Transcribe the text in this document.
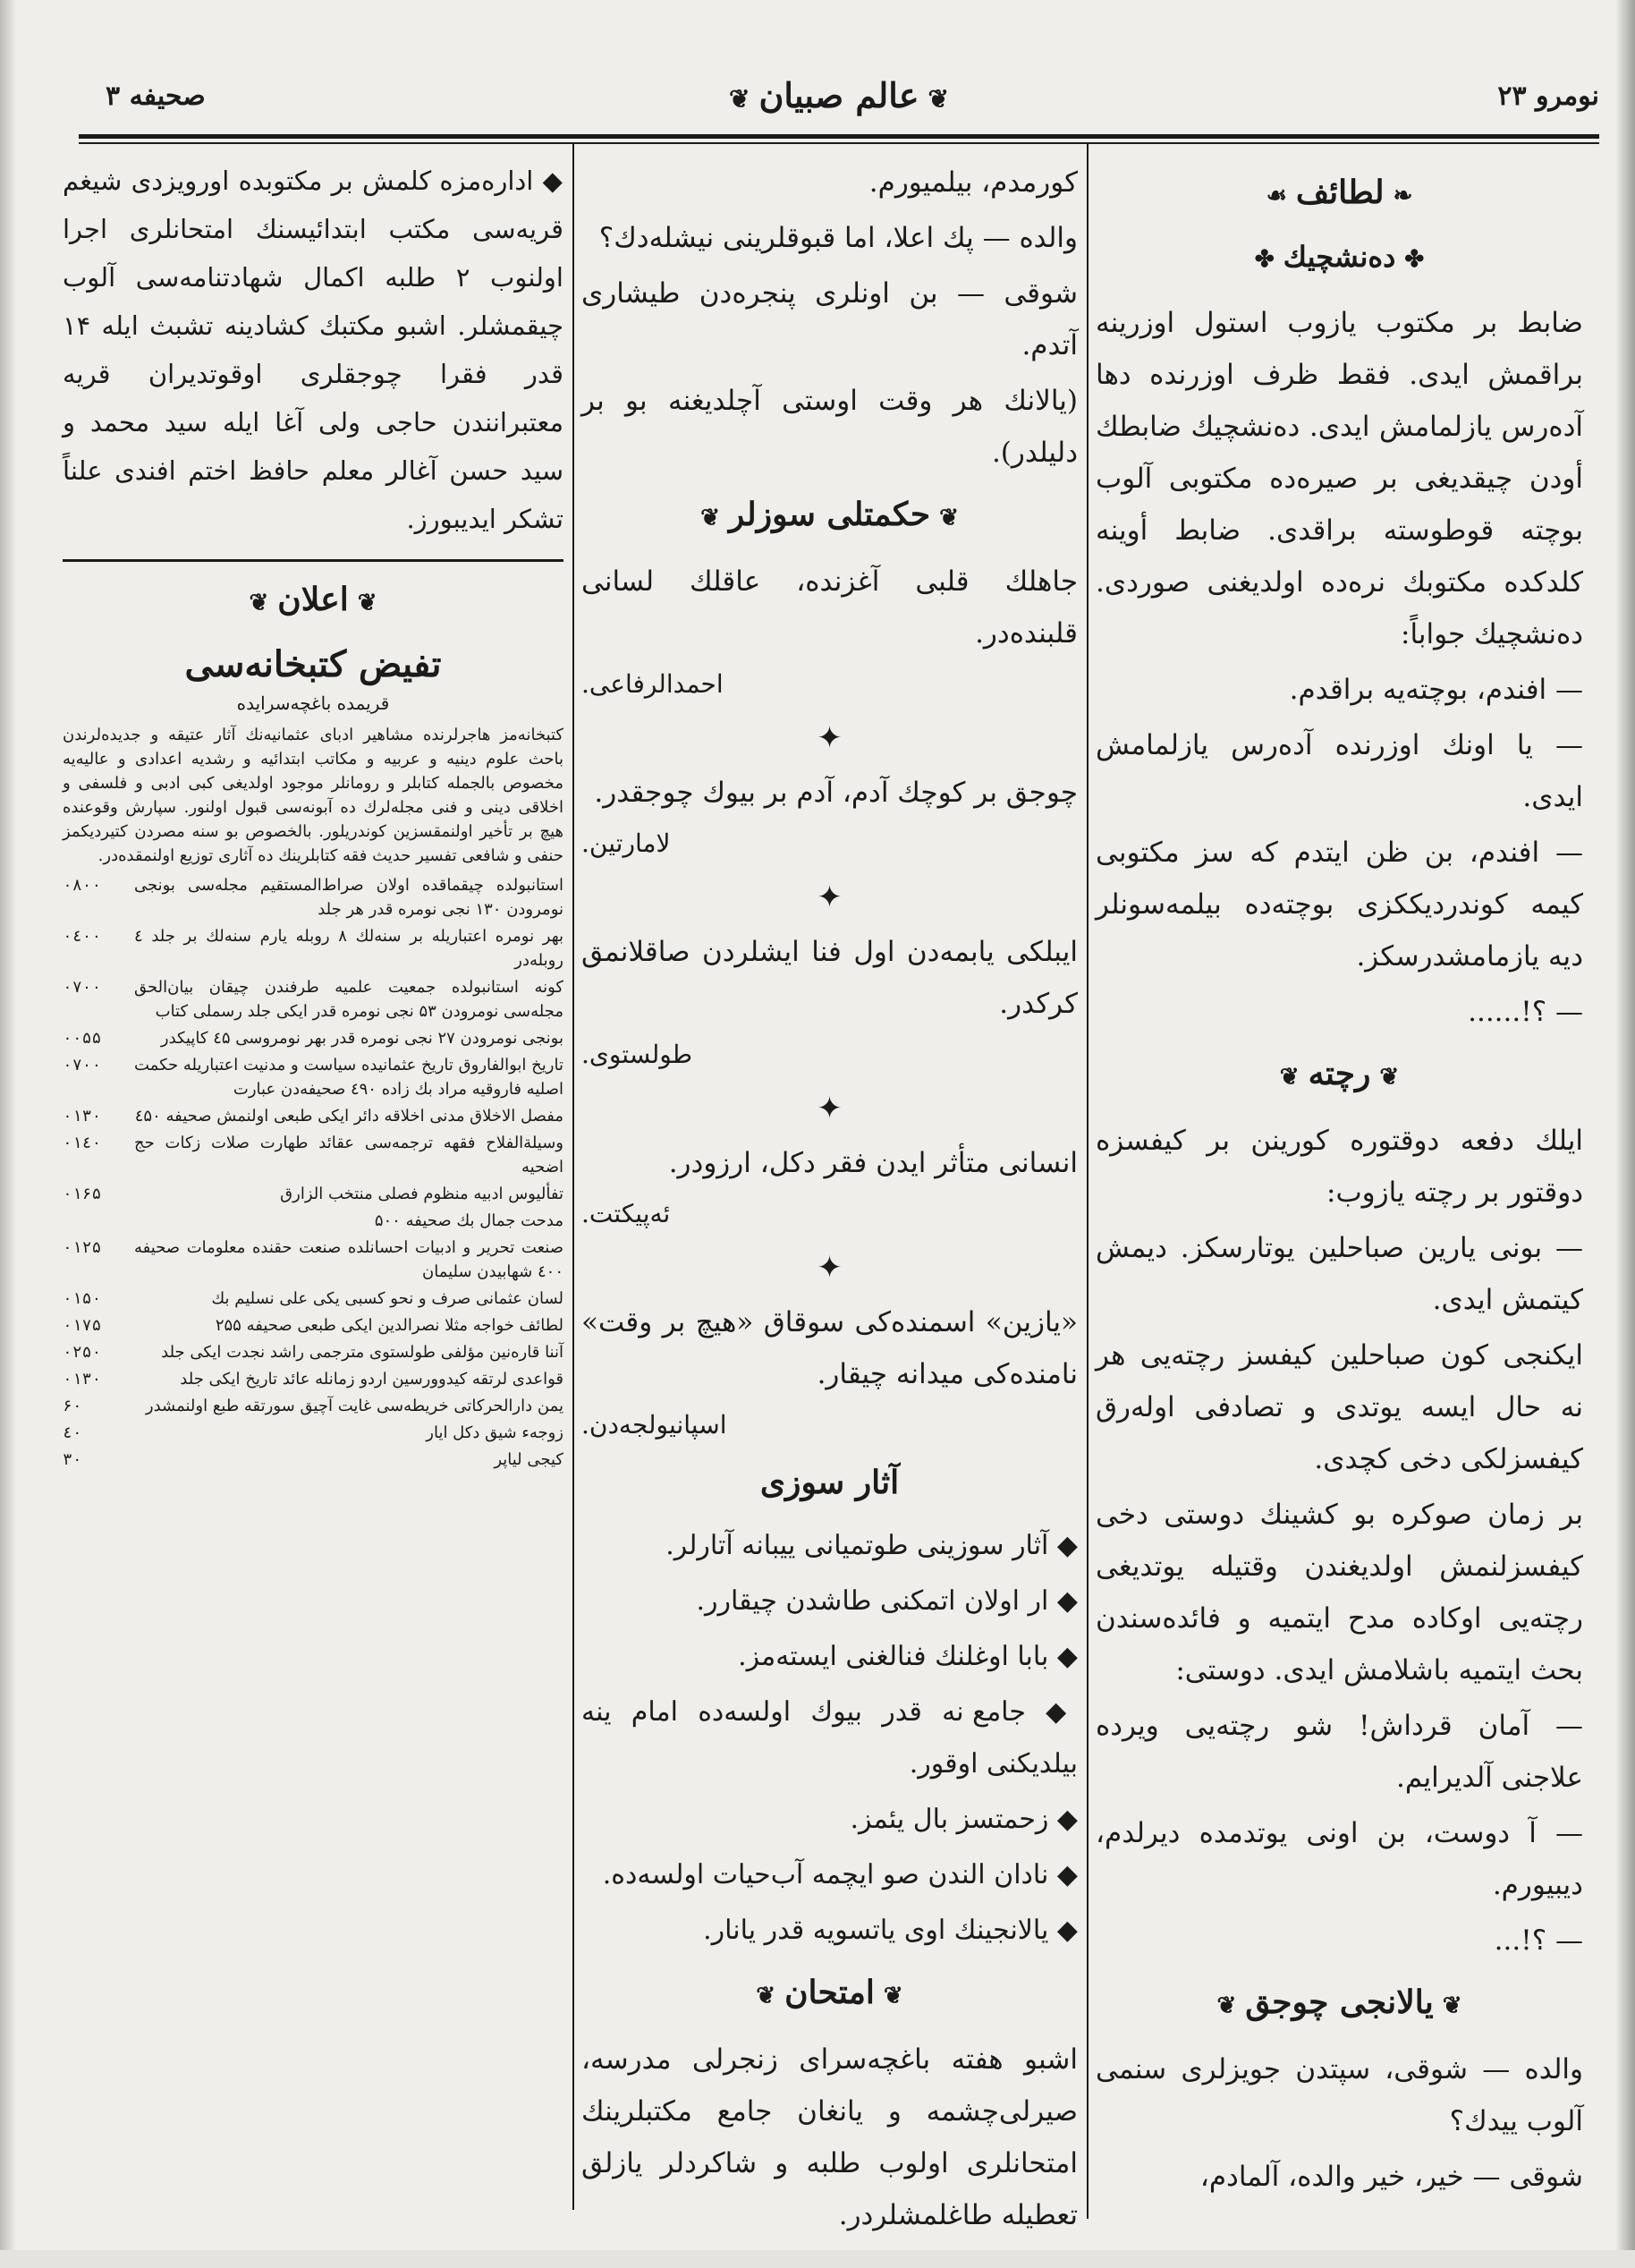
نومرو ۲۳
❦ عالم صبیان ❦
صحیفه ۳
❧لطائف☙
✤دەنشچیك✤

ضابط بر مكتوب یازوب استول اوزرینه براقمش ایدی. فقط ظرف اوزرنده دها آدەرس یازلمامش ایدی. دەنشچیك ضابطك أودن چیقدیغی بر صیرەدە مكتوبی آلوب بوچتە قوطوستە براقدی. ضابط أوینە كلدكدە مكتوبك نرەدە اولدیغنی صوردی. دەنشچیك جواباً:

— افندم، بوچتەیە براقدم.

— یا اونك اوزرندە آدەرس یازلمامش ایدی.

— افندم، بن ظن ایتدم كە سز مكتوبی كیمە كوندردیككزی بوچتەدە بیلمەسونلر دیە یازمامشدرسكز.

— ؟!......

❦رچتە❦

ایلك دفعە دوقتورە كورینن بر كیفسزە دوقتور بر رچتە یازوب:

— بونی یارین صباحلین یوتارسكز. دیمش كیتمش ایدی.

ایكنجی كون صباحلین كیفسز رچتەیی هر نە حال ایسە یوتدی و تصادفی اولەرق كیفسزلكی دخی كچدی.

بر زمان صوكرە بو كشینك دوستی دخی كیفسزلنمش اولدیغندن وقتیلە یوتدیغی رچتەیی اوكادە مدح ایتمیە و فائدەسندن بحث ایتمیە باشلامش ایدی. دوستی:

— آمان قرداش! شو رچتەیی ویردە علاجنی آلدیرایم.

— آ دوست، بن اونی یوتدمدە دیرلدم، دیبیورم.

— ؟!...

❦یالانجی چوجق❦

والدە — شوقی، سپتدن جویزلری سنمی آلوب ییدك؟

شوقی — خیر، خیر والدە، آلمادم،

كورمدم، بیلمیورم.

والدە — پك اعلا، اما قبوقلرینی نیشلەدك؟

شوقی — بن اونلری پنجرەدن طیشاری آتدم.

(یالانك هر وقت اوستی آچلدیغنە بو بر دلیلدر).

❦حكمتلی سوزلر❦

جاهلك قلبی آغزندە، عاقلك لسانی قلبندەدر.

احمدالرفاعی.
✦

چوجق بر كوچك آدم، آدم بر بیوك چوجقدر.

لامارتین.
✦

ایبلكی یابمەدن اول فنا ایشلردن صاقلانمق كركدر.

طولستوی.
✦

انسانی متأثر ایدن فقر دكل، ارزودر.

ئەپیكتت.
✦

«یازین» اسمندەكی سوقاق «هیچ بر وقت» نامندەكی میدانە چیقار.

اسپانیولجەدن.
آثار سوزی
◆ آثار سوزینی طوتمیانی ییبانە آتارلر.
◆ ار اولان اتمكنی طاشدن چیقارر.
◆ بابا اوغلنك فنالغنی ایستەمز.
◆ جامع نە قدر بیوك اولسەدە امام ینە بیلدیكنی اوقور.
◆ زحمتسز بال یئمز.
◆ نادان الندن صو ایچمە آب‌حیات اولسەدە.
◆ یالانجینك اوی یاتسویە قدر یانار.
❦امتحان❦

اشبو هفتە باغچەسرای زنجرلی مدرسە، صیرلی‌چشمە و یانغان جامع مكتبلرینك امتحانلری اولوب طلبە و شاكردلر یازلق تعطیلە طاغلمشلردر.

◆ ادارەمزە كلمش بر مكتوبدە اورویزدی شیغم قریەسی مكتب ابتدائیسنك امتحانلری اجرا اولنوب ۲ طلبە اكمال شهادتنامەسی آلوب چیقمشلر. اشبو مكتبك كشادینە تشبث ایلە ۱۴ قدر فقرا چوجقلری اوقوتدیران قریە معتبرانندن حاجی ولی آغا ایلە سید محمد و سید حسن آغالر معلم حافظ اختم افندی علناً تشكر ایدیبورز.

❦اعلان❦
تفیض كتبخانەسی
قریمدە باغچەسرایدە

كتبخانەمز هاجرلرندە مشاهیر ادبای عثمانیەنك آثار عتیقە و جدیدەلرندن باحث علوم دینیە و عربیە و مكاتب ابتدائیە و رشدیە اعدادی و عالیەیە مخصوص بالجملە كتابلر و رومانلر موجود اولدیغی كبی ادبی و فلسفی و اخلاقی دینی و فنی مجلەلرك ده آبونەسی قبول اولنور. سپارش وقوعندە هیچ بر تأخیر اولنمقسزین كوندریلور. بالخصوص بو سنە مصردن كتیردیكمز حنفی و شافعی تفسیر حدیث فقە كتابلرینك ده آثاری توزیع اولنمقدەدر.

استانبولدە چیقماقدە اولان صراط‌المستقیم مجلەسی بونجی نومرودن ۱۳۰ نجی نومرە قدر هر جلد
۰۸۰۰
بهر نومرە اعتباریلە بر سنەلك ۸ روبلە یارم سنەلك بر جلد ٤ روبلەدر
۰٤۰۰
كونە استانبولدە جمعیت علمیە طرفندن چیقان بیان‌الحق مجلەسی نومرودن ۵۳ نجی نومرە قدر ایكی جلد رسملی كتاب
۰۷۰۰
بونجی نومرودن ۲۷ نجی نومرە قدر بهر نومروسی ٤۵ كاپیكدر
۰۰۵۵
تاریخ ابوالفاروق تاریخ عثمانیدە سیاست و مدنیت اعتباریلە حكمت اصلیە فاروقیە مراد بك زادە ٤۹۰ صحیفەدن عبارت
۰۷۰۰
مفصل الاخلاق مدنی اخلاقە دائر ایكی طبعی اولنمش صحیفە ٤۵۰
۰۱۳۰
وسیلةالفلاح فقهە ترجمەسی عقائد طهارت صلات زكات حج اضحیە
۰۱٤۰
تفألیوس ادبیە منظوم فصلی منتخب الزارق
۰۱۶۵
مدحت جمال بك صحیفە ۵۰۰
صنعت تحریر و ادبیات احسانلدە صنعت حقندە معلومات صحیفە ٤۰۰ شهابیدن سلیمان
۰۱۲۵
لسان عثمانی صرف و نحو كسبی یكی علی نسلیم بك
۰۱۵۰
لطائف خواجە مثلا نصرالدین ایكی طبعی صحیفە ۲۵۵
۰۱۷۵
آننا قارەنین مؤلفی طولستوی مترجمی راشد نجدت ایكی جلد
۰۲۵۰
قواعدی لرتقە كیدوورسین اردو زمانلە عائد تاریخ ایكی جلد
۰۱۳۰
یمن دارالحركاتی خریطەسی غایت آچیق سورتقە طبع اولنمشدر
۶۰
زوجەء شیق دكل ایار
٤۰
كیجی لیاپر
۳۰
